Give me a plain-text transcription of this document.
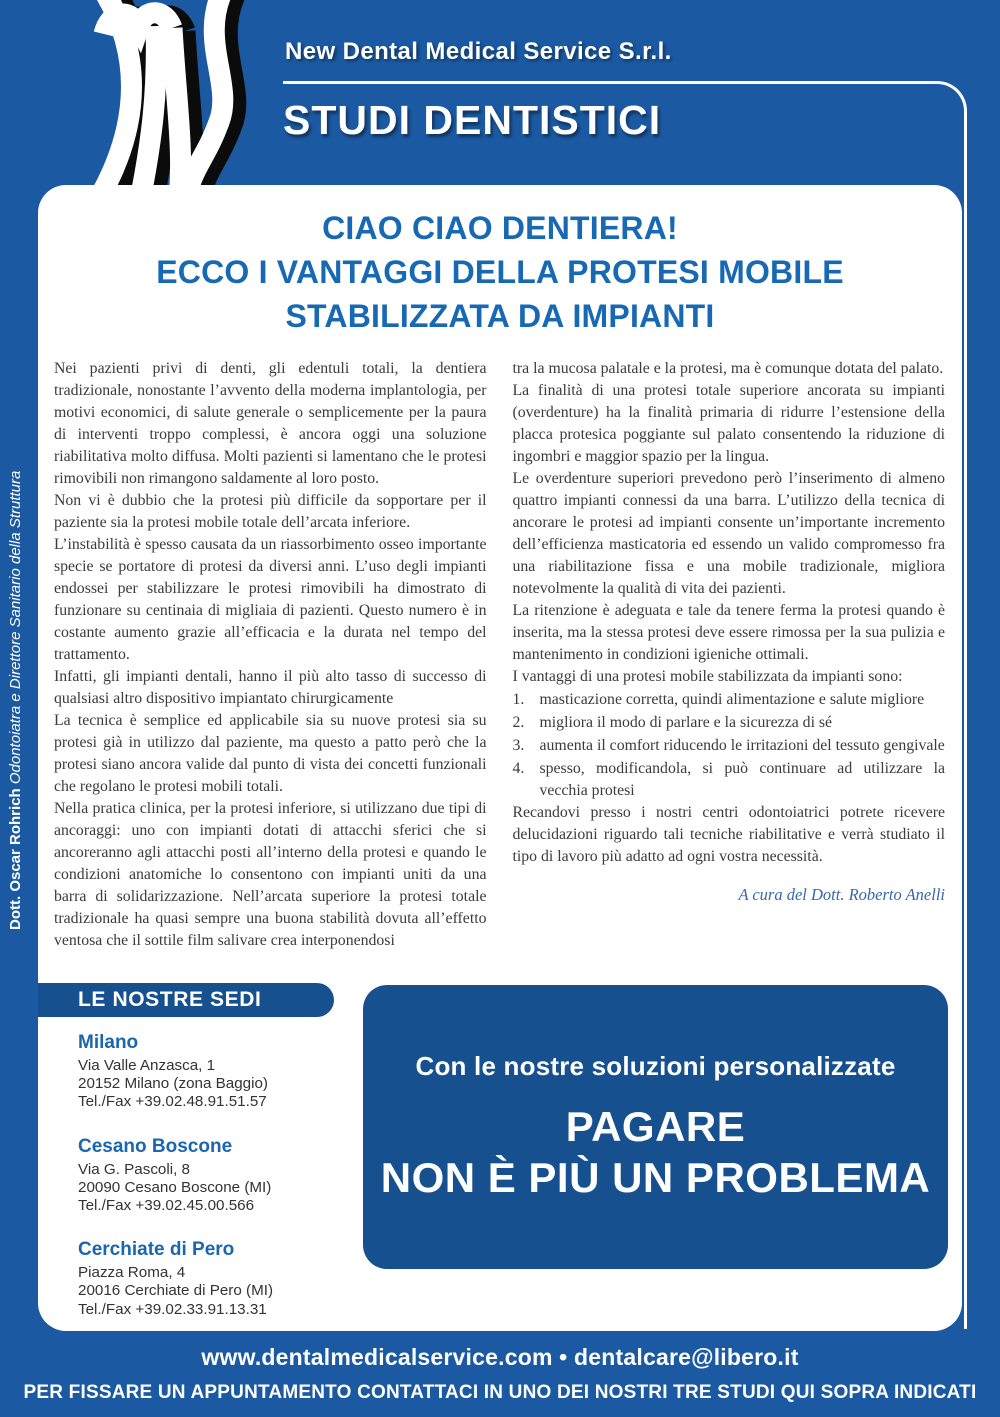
New Dental Medical Service S.r.l.
STUDI DENTISTICI
Dott. Oscar Rohrich Odontoiatra e Direttore Sanitario della Struttura
CIAO CIAO DENTIERA!
ECCO I VANTAGGI DELLA PROTESI MOBILE
STABILIZZATA DA IMPIANTI

Nei pazienti privi di denti, gli edentuli totali, la dentiera tradizionale, nonostante l’avvento della moderna implantologia, per motivi economici, di salute generale o semplicemente per la paura di interventi troppo complessi, è ancora oggi una soluzione riabilitativa molto diffusa. Molti pazienti si lamentano che le protesi rimovibili non rimangono saldamente al loro posto.

Non vi è dubbio che la protesi più difficile da sopportare per il paziente sia la protesi mobile totale dell’arcata inferiore.

L’instabilità è spesso causata da un riassorbimento osseo importante specie se portatore di protesi da diversi anni. L’uso degli impianti endossei per stabilizzare le protesi rimovibili ha dimostrato di funzionare su centinaia di migliaia di pazienti. Questo numero è in costante aumento grazie all’efficacia e la durata nel tempo del trattamento.

Infatti, gli impianti dentali, hanno il più alto tasso di successo di qualsiasi altro dispositivo impiantato chirurgicamente

La tecnica è semplice ed applicabile sia su nuove protesi sia su protesi già in utilizzo dal paziente, ma questo a patto però che la protesi siano ancora valide dal punto di vista dei concetti funzionali che regolano le protesi mobili totali.

Nella pratica clinica, per la protesi inferiore, si utilizzano due tipi di ancoraggi: uno con impianti dotati di attacchi sferici che si ancoreranno agli attacchi posti all’interno della protesi e quando le condizioni anatomiche lo consentono con impianti uniti da una barra di solidarizzazione. Nell’arcata superiore la protesi totale tradizionale ha quasi sempre una buona stabilità dovuta all’effetto ventosa che il sottile film salivare crea interponendosi

tra la mucosa palatale e la protesi, ma è comunque dotata del palato.

La finalità di una protesi totale superiore ancorata su impianti (overdenture) ha la finalità primaria di ridurre l’estensione della placca protesica poggiante sul palato consentendo la riduzione di ingombri e maggior spazio per la lingua.

Le overdenture superiori prevedono però l’inserimento di almeno quattro impianti connessi da una barra. L’utilizzo della tecnica di ancorare le protesi ad impianti consente un’importante incremento dell’efficienza masticatoria ed essendo un valido compromesso fra una riabilitazione fissa e una mobile tradizionale, migliora notevolmente la qualità di vita dei pazienti.

La ritenzione è adeguata e tale da tenere ferma la protesi quando è inserita, ma la stessa protesi deve essere rimossa per la sua pulizia e mantenimento in condizioni igieniche ottimali.

I vantaggi di una protesi mobile stabilizzata da impianti sono:

1. masticazione corretta, quindi alimentazione e salute migliore
2. migliora il modo di parlare e la sicurezza di sé
3. aumenta il comfort riducendo le irritazioni del tessuto gengivale
4. spesso, modificandola, si può continuare ad utilizzare la vecchia protesi

Recandovi presso i nostri centri odontoiatrici potrete ricevere delucidazioni riguardo tali tecniche riabilitative e verrà studiato il tipo di lavoro più adatto ad ogni vostra necessità.

A cura del Dott. Roberto Anelli
LE NOSTRE SEDI
Milano
Via Valle Anzasca, 1
20152 Milano (zona Baggio)
Tel./Fax +39.02.48.91.51.57
Cesano Boscone
Via G. Pascoli, 8
20090 Cesano Boscone (MI)
Tel./Fax +39.02.45.00.566
Cerchiate di Pero
Piazza Roma, 4
20016 Cerchiate di Pero (MI)
Tel./Fax +39.02.33.91.13.31
Con le nostre soluzioni personalizzate
PAGARE
NON È PIÙ UN PROBLEMA
www.dentalmedicalservice.com • dentalcare@libero.it
PER FISSARE UN APPUNTAMENTO CONTATTACI IN UNO DEI NOSTRI TRE STUDI QUI SOPRA INDICATI
